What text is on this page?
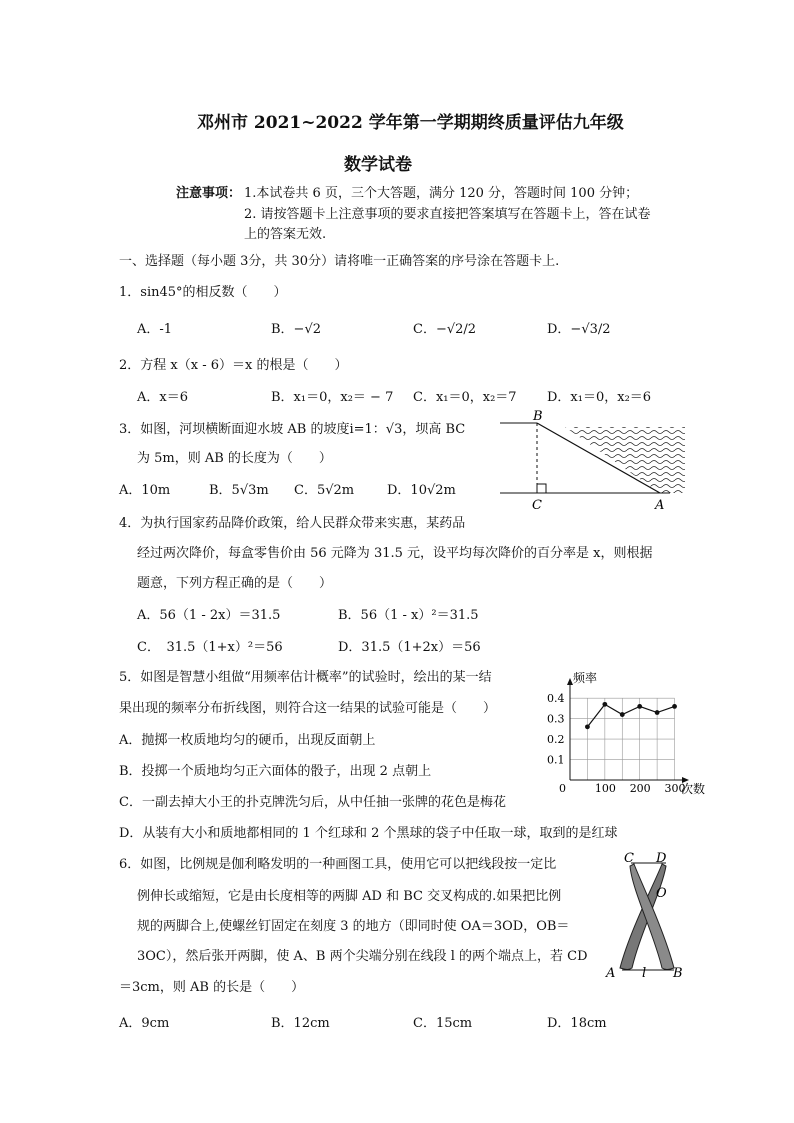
邓州市 2021~2022 学年第一学期期终质量评估九年级
数学试卷
注意事项： 1.本试卷共 6 页，三个大答题，满分 120 分，答题时间 100 分钟；
2. 请按答题卡上注意事项的要求直接把答案填写在答题卡上，答在试卷
上的答案无效.
一、选择题（每小题 3分，共 30分）请将唯一正确答案的序号涂在答题卡上.
1．sin45°的相反数（　　）
A．-1	B．−√2	C．−√2/2	D．−√3/2
2．方程 x（x - 6）＝x 的根是（　　）
A．x＝6	B．x₁＝0，x₂＝ − 7 C．x₁＝0，x₂＝7 D．x₁＝0，x₂＝6
3．如图，河坝横断面迎水坡 AB 的坡度i=1：√3，坝高 BC
为 5m，则 AB 的长度为（　　）
A．10m	B．5√3m C．5√2m	D．10√2m
B
C	A
4．为执行国家药品降价政策，给人民群众带来实惠，某药品
经过两次降价，每盒零售价由 56 元降为 31.5 元，设平均每次降价的百分率是 x，则根据
题意，下列方程正确的是（　　）
A．56（1 - 2x）＝31.5	B．56（1 - x）²＝31.5
C．　31.5（1+x）²＝56	D．31.5（1+2x）＝56
5．如图是智慧小组做“用频率估计概率”的试验时，绘出的某一结
果出现的频率分布折线图，则符合这一结果的试验可能是（　　）
A．抛掷一枚质地均匀的硬币，出现反面朝上
B．投掷一个质地均匀正六面体的骰子，出现 2 点朝上
C．一副去掉大小王的扑克牌洗匀后，从中任抽一张牌的花色是梅花
D．从装有大小和质地都相同的 1 个红球和 2 个黑球的袋子中任取一球，取到的是红球
频率
次数
0
0.1
0.2
0.3
0.4
100 200 300
6．如图，比例规是伽利略发明的一种画图工具，使用它可以把线段按一定比
例伸长或缩短，它是由长度相等的两脚 AD 和 BC 交叉构成的.如果把比例
规的两脚合上,使螺丝钉固定在刻度 3 的地方（即同时使 OA＝3OD，OB＝
3OC），然后张开两脚，使 A、B 两个尖端分别在线段 l 的两个端点上，若 CD
＝3cm，则 AB 的长是（　　）
A．9cm	B．12cm	C．15cm	D．18cm
C D
O
A l B
